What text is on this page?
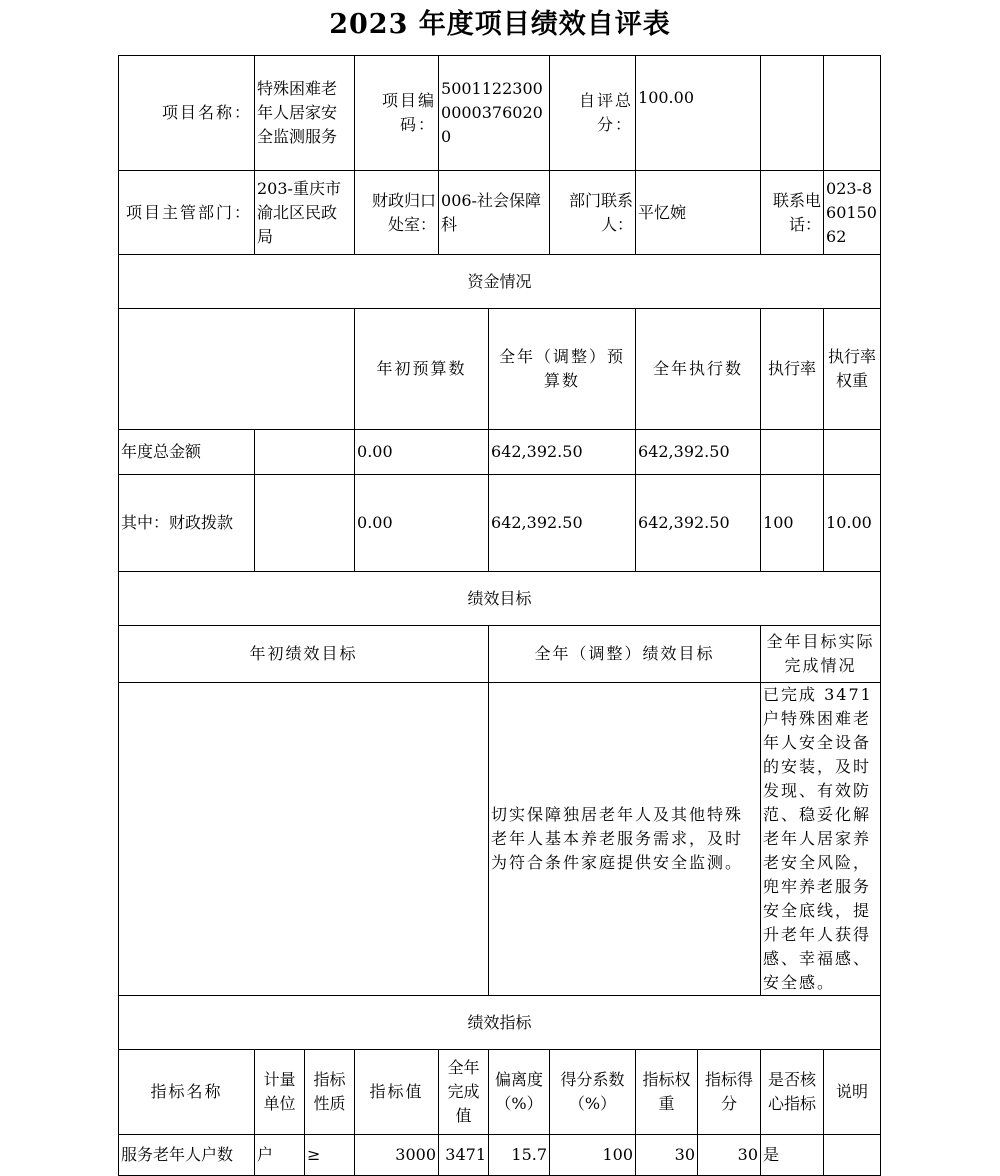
2023 年度项目绩效自评表
项目名称：	特殊困难老年人居家安全监测服务		项目编码：	500112230000003760200		自评总分：	100.00				
项目主管部门：	203-重庆市渝北区民政局		财政归口处室：	006-社会保障科		部门联系人：	平忆婉		联系电话：	023-86015062	
资金情况											
			年初预算数		全年（调整）预算数		全年执行数		执行率	执行率权重	
年度总金额			0.00		642,392.50		642,392.50				
其中：财政拨款			0.00		642,392.50		642,392.50		100	10.00	
绩效目标											
年初绩效目标					全年（调整）绩效目标				全年目标实际完成情况		
					切实保障独居老年人及其他特殊老年人基本养老服务需求，及时为符合条件家庭提供安全监测。				已完成 3471 户特殊困难老年人安全设备的安装，及时发现、有效防范、稳妥化解老年人居家养老安全风险，兜牢养老服务安全底线，提升老年人获得感、幸福感、安全感。		
绩效指标											
指标名称	计量单位	指标性质	指标值	全年完成值	偏离度（%）	得分系数（%）	指标权重	指标得分	是否核心指标	说明	
服务老年人户数	户	≥	3000	3471	15.7	100	30	30	是		
